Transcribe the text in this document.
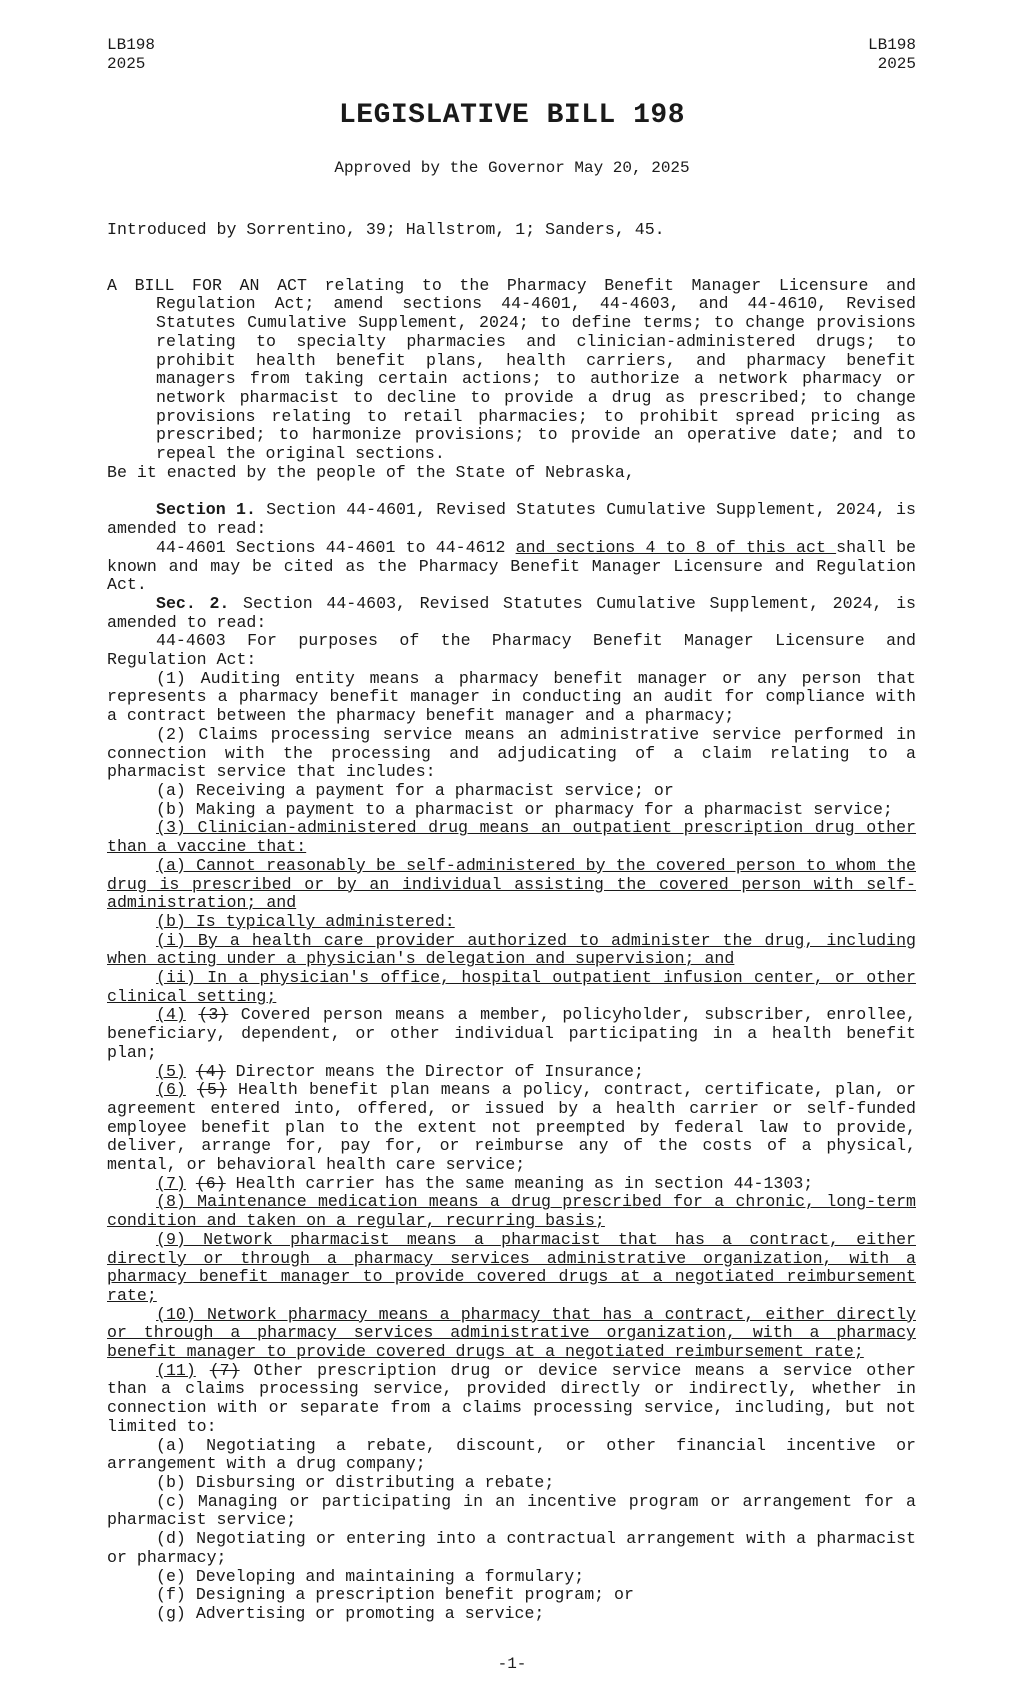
LB198
2025
LB198
2025
LEGISLATIVE BILL 198
Approved by the Governor May 20, 2025

Introduced by Sorrentino, 39; Hallstrom, 1; Sanders, 45.

A BILL FOR AN ACT relating to the Pharmacy Benefit Manager Licensure and Regulation Act; amend sections 44-4601, 44-4603, and 44-4610, Revised Statutes Cumulative Supplement, 2024; to define terms; to change provisions relating to specialty pharmacies and clinician-administered drugs; to prohibit health benefit plans, health carriers, and pharmacy benefit managers from taking certain actions; to authorize a network pharmacy or network pharmacist to decline to provide a drug as prescribed; to change provisions relating to retail pharmacies; to prohibit spread pricing as prescribed; to harmonize provisions; to provide an operative date; and to repeal the original sections.

Be it enacted by the people of the State of Nebraska,

Section 1. Section 44-4601, Revised Statutes Cumulative Supplement, 2024, is amended to read:

44-4601 Sections 44-4601 to 44-4612 and sections 4 to 8 of this act shall be known and may be cited as the Pharmacy Benefit Manager Licensure and Regulation Act.

Sec. 2. Section 44-4603, Revised Statutes Cumulative Supplement, 2024, is amended to read:

44-4603 For purposes of the Pharmacy Benefit Manager Licensure and Regulation Act:

(1) Auditing entity means a pharmacy benefit manager or any person that represents a pharmacy benefit manager in conducting an audit for compliance with a contract between the pharmacy benefit manager and a pharmacy;

(2) Claims processing service means an administrative service performed in connection with the processing and adjudicating of a claim relating to a pharmacist service that includes:

(a) Receiving a payment for a pharmacist service; or

(b) Making a payment to a pharmacist or pharmacy for a pharmacist service;

(3) Clinician-administered drug means an outpatient prescription drug other than a vaccine that:

(a) Cannot reasonably be self-administered by the covered person to whom the drug is prescribed or by an individual assisting the covered person with self-administration; and

(b) Is typically administered:

(i) By a health care provider authorized to administer the drug, including when acting under a physician's delegation and supervision; and

(ii) In a physician's office, hospital outpatient infusion center, or other clinical setting;

(4) (3) Covered person means a member, policyholder, subscriber, enrollee, beneficiary, dependent, or other individual participating in a health benefit plan;

(5) (4) Director means the Director of Insurance;

(6) (5) Health benefit plan means a policy, contract, certificate, plan, or agreement entered into, offered, or issued by a health carrier or self-funded employee benefit plan to the extent not preempted by federal law to provide, deliver, arrange for, pay for, or reimburse any of the costs of a physical, mental, or behavioral health care service;

(7) (6) Health carrier has the same meaning as in section 44-1303;

(8) Maintenance medication means a drug prescribed for a chronic, long-term condition and taken on a regular, recurring basis;

(9) Network pharmacist means a pharmacist that has a contract, either directly or through a pharmacy services administrative organization, with a pharmacy benefit manager to provide covered drugs at a negotiated reimbursement rate;

(10) Network pharmacy means a pharmacy that has a contract, either directly or through a pharmacy services administrative organization, with a pharmacy benefit manager to provide covered drugs at a negotiated reimbursement rate;

(11) (7) Other prescription drug or device service means a service other than a claims processing service, provided directly or indirectly, whether in connection with or separate from a claims processing service, including, but not limited to:

(a) Negotiating a rebate, discount, or other financial incentive or arrangement with a drug company;

(b) Disbursing or distributing a rebate;

(c) Managing or participating in an incentive program or arrangement for a pharmacist service;

(d) Negotiating or entering into a contractual arrangement with a pharmacist or pharmacy;

(e) Developing and maintaining a formulary;

(f) Designing a prescription benefit program; or

(g) Advertising or promoting a service;

-1-
